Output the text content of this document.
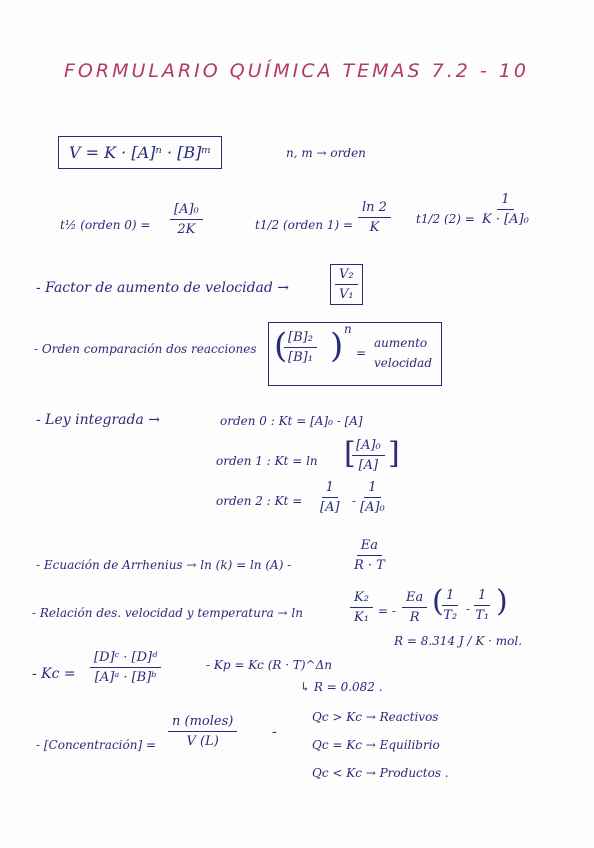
FORMULARIO QUÍMICA TEMAS 7.2 - 10
V = K · [A]ⁿ · [B]ᵐ	n, m → orden
t½ (orden $0) = \frac{\text{[A]₀}}{2K}$	t1/2 (orden $1) = \frac{\ln 2}{K} t1/2$ $(2) = \frac{1}{\text{K · [A]₀}}$
- Factor de aumento de velocidad →	$\frac{\text{V₂}}{\text{V₁}}$
- Orden comparación dos reacciones (
$\frac{\text{[B]₂}}{\text{[B]₁}}$ ) n
=
aumento
velocidad
- Ley integrada →	orden 0 : Kt = [A]₀ - [A]
orden 1 : Kt = ln [
$\frac{\text{[A]₀}}{[A]}$ ]
orden 2 : $Kt = \frac{1}{[A]} - \frac{1}{\text{[A]₀}}$
- Ecuación de Arrhenius → ln (k) = ln (A) -	$\frac{Ea}{R \cdot T}$
- Relación des. velocidad y temperatura → ln	$\frac{\text{K₂}}{\text{K₁}}$ = - $\frac{Ea}{R}$ (
$\frac{1}{\text{T₂}} - \frac{1}{\text{T₁}}$ )
R = 8.314 J / K · mol.
- $Kc = \frac{\text{[D]ᶜ · [D]ᵈ}}{\text{[A]ᵃ · [B]ᵇ}}$	- Kp = Kc (R · T)^Δn
↳ R = 0.082 .
- [Concentración] =
n (moles)
V (L)
-
Qc > Kc → Reactivos
Qc = Kc → Equilibrio
Qc < Kc → Productos .
